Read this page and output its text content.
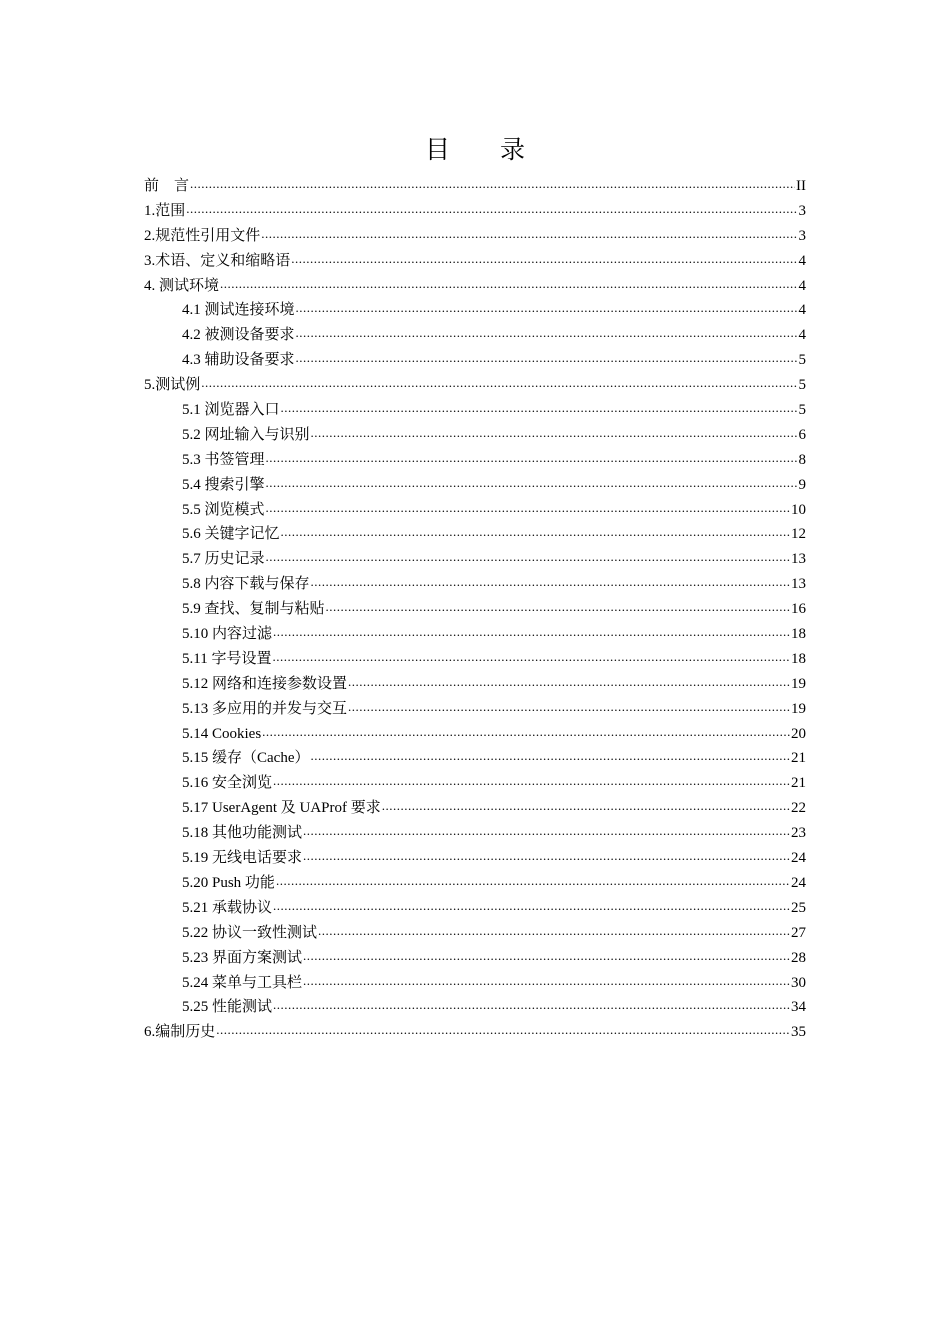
目　　录
前　言 .....	II
1.范围 .....	3
2.规范性引用文件 .....	3
3.术语、定义和缩略语 .....	4
4. 测试环境 .....	4
4.1 测试连接环境 .....	4
4.2 被测设备要求 .....	4
4.3 辅助设备要求 .....	5
5.测试例 .....	5
5.1 浏览器入口 .....	5
5.2 网址输入与识别 .....	6
5.3 书签管理 .....	8
5.4 搜索引擎 .....	9
5.5 浏览模式 .....	10
5.6 关键字记忆 .....	12
5.7 历史记录 .....	13
5.8 内容下载与保存 .....	13
5.9 查找、复制与粘贴 .....	16
5.10 内容过滤 .....	18
5.11 字号设置 .....	18
5.12 网络和连接参数设置 .....	19
5.13 多应用的并发与交互 .....	19
5.14 Cookies .....	20
5.15 缓存（Cache） .....	21
5.16 安全浏览 .....	21
5.17 UserAgent 及 UAProf 要求 .....	22
5.18 其他功能测试 .....	23
5.19 无线电话要求 .....	24
5.20 Push 功能 .....	24
5.21 承载协议 .....	25
5.22 协议一致性测试 .....	27
5.23 界面方案测试 .....	28
5.24 菜单与工具栏 .....	30
5.25 性能测试 .....	34
6.编制历史 .....	35
